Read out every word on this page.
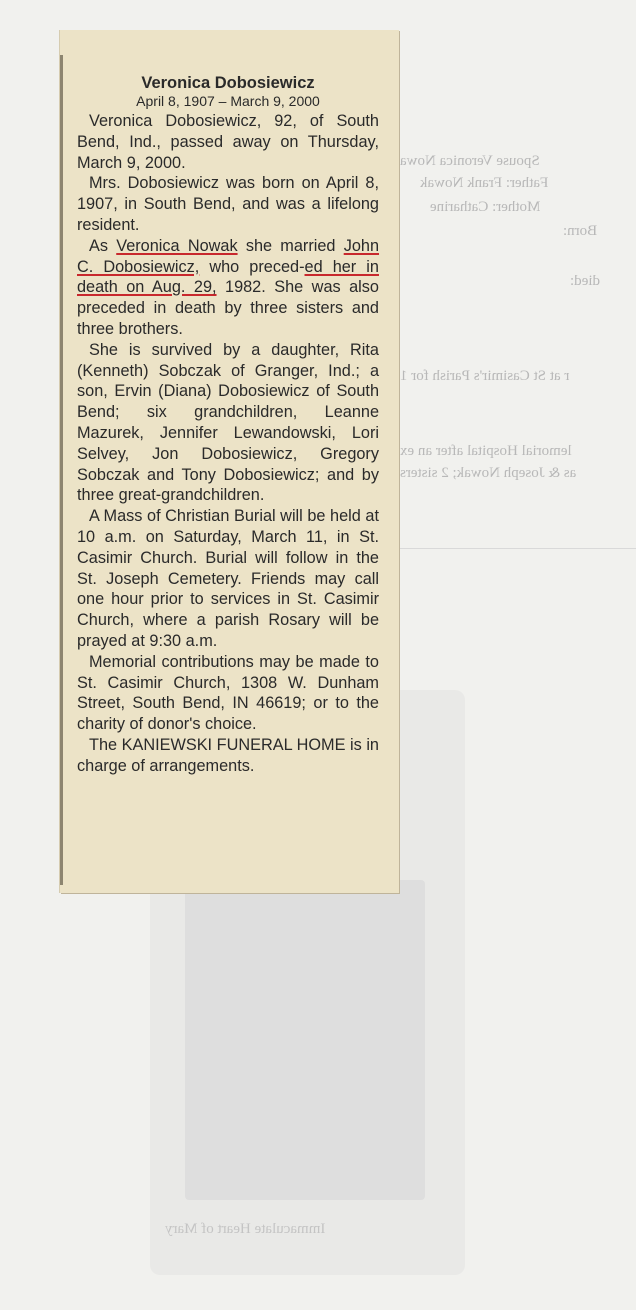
Spouse Veronica Nowa
Father: Frank Nowak
Mother: Catharine
Born:
died:
r at St Casimir's Parish for 1
lemorial Hospital after an ex
as & Joseph Nowak; 2 sisters
Immaculate Heart of Mary

Veronica Dobosiewicz

April 8, 1907 – March 9, 2000

Veronica Dobosiewicz, 92, of South Bend, Ind., passed away on Thursday, March 9, 2000.

Mrs. Dobosiewicz was born on April 8, 1907, in South Bend, and was a lifelong resident.

As Veronica Nowak she married John C. Dobosiewicz, who preced-ed her in death on Aug. 29, 1982. She was also preceded in death by three sisters and three brothers.

She is survived by a daughter, Rita (Kenneth) Sobczak of Granger, Ind.; a son, Ervin (Diana) Dobosiewicz of South Bend; six grandchildren, Leanne Mazurek, Jennifer Lewandowski, Lori Selvey, Jon Dobosiewicz, Gregory Sobczak and Tony Dobosiewicz; and by three great-grandchildren.

A Mass of Christian Burial will be held at 10 a.m. on Saturday, March 11, in St. Casimir Church. Burial will follow in the St. Joseph Cemetery. Friends may call one hour prior to services in St. Casimir Church, where a parish Rosary will be prayed at 9:30 a.m.

Memorial contributions may be made to St. Casimir Church, 1308 W. Dunham Street, South Bend, IN 46619; or to the charity of donor's choice.

The KANIEWSKI FUNERAL HOME is in charge of arrangements.
